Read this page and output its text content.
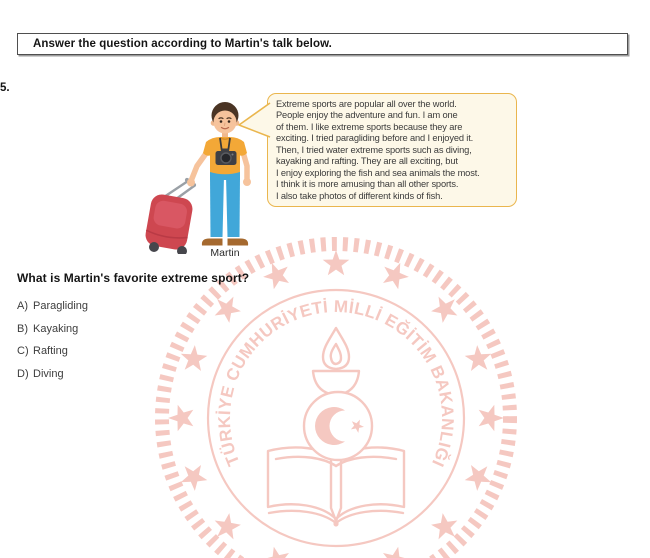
TÜRKİYE CUMHURİYETİ MİLLİ EĞİTİM BAKANLIĞI
•
Answer the question according to Martin's talk below.
5.
Martin
Extreme sports are popular all over the world.
People enjoy the adventure and fun. I am one
of them. I like extreme sports because they are
exciting. I tried paragliding before and I enjoyed it.
Then, I tried water extreme sports such as diving,
kayaking and rafting. They are all exciting, but
I enjoy exploring the fish and sea animals the most.
I think it is more amusing than all other sports.
I also take photos of different kinds of fish.
What is Martin's favorite extreme sport?
A) Paragliding
B) Kayaking
C) Rafting
D) Diving
